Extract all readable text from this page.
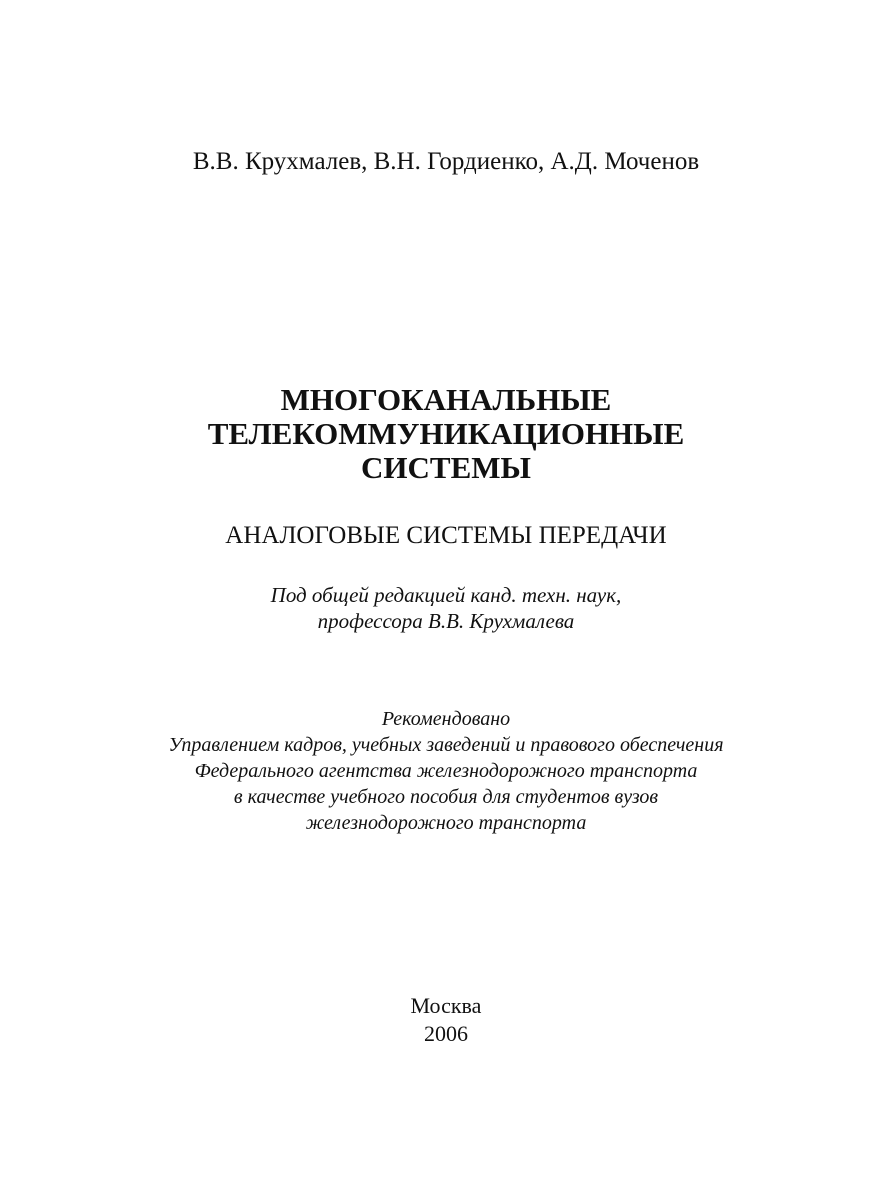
В.В. Крухмалев, В.Н. Гордиенко, А.Д. Моченов
МНОГОКАНАЛЬНЫЕ
ТЕЛЕКОММУНИКАЦИОННЫЕ
СИСТЕМЫ
АНАЛОГОВЫЕ СИСТЕМЫ ПЕРЕДАЧИ
Под общей редакцией канд. техн. наук,
профессора В.В. Крухмалева
Рекомендовано
Управлением кадров, учебных заведений и правового обеспечения
Федерального агентства железнодорожного транспорта
в качестве учебного пособия для студентов вузов
железнодорожного транспорта
Москва
2006
